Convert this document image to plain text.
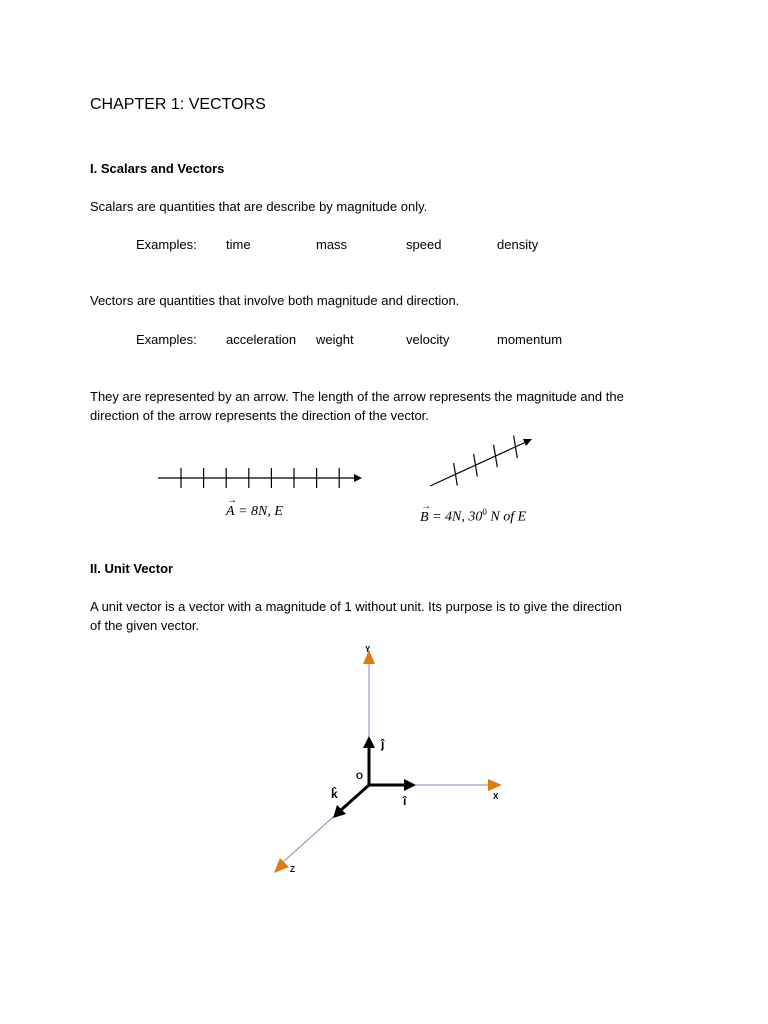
CHAPTER 1: VECTORS
I. Scalars and Vectors
Scalars are quantities that are describe by magnitude only.
Examples: time	mass	speed	density
Vectors are quantities that involve both magnitude and direction.
Examples: acceleration weight	velocity	momentum
They are represented by an arrow. The length of the arrow represents the magnitude and the
direction of the arrow represents the direction of the vector.
→
A = 8N, E	→
B = 4N, $30^0$ N of E
II. Unit Vector
A unit vector is a vector with a magnitude of 1 without unit. Its purpose is to give the direction
of the given vector.
Y
X
Z
O
ĵ
î
k̂
